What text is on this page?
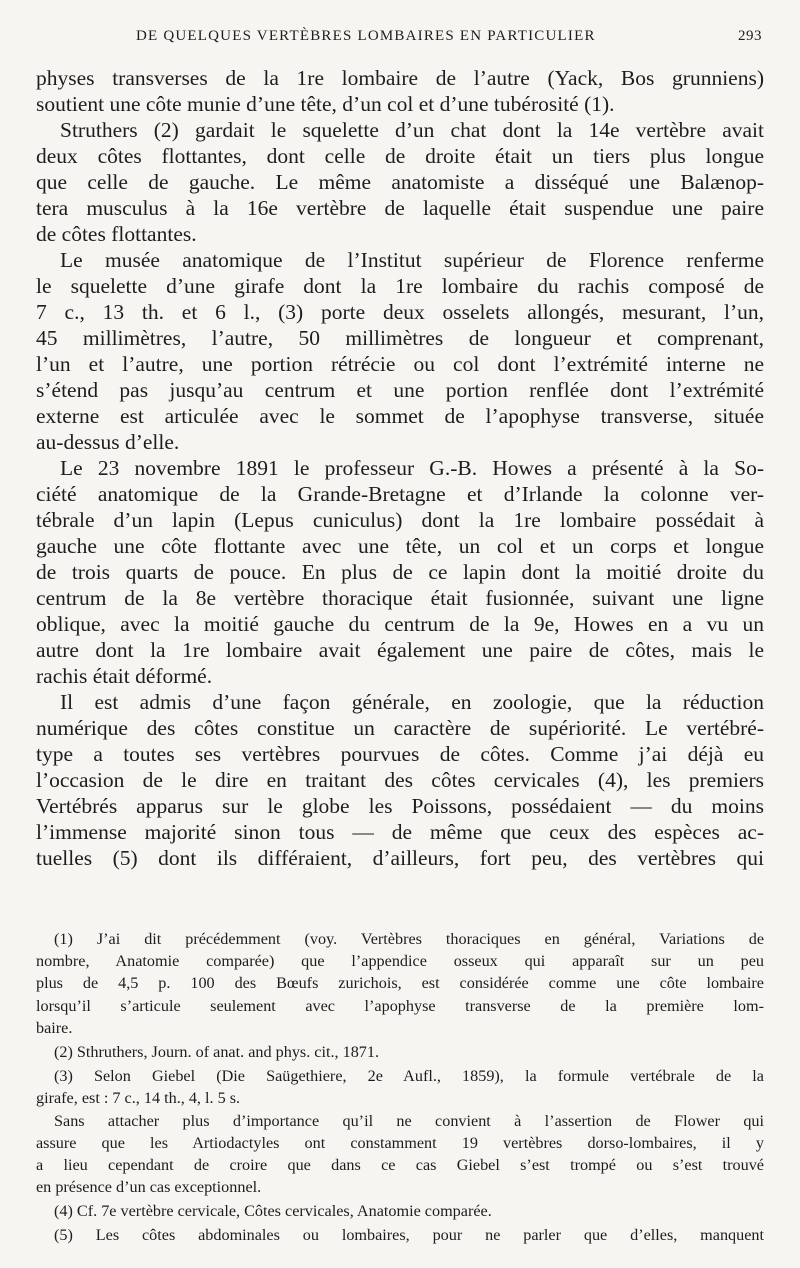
DE QUELQUES VERTÈBRES LOMBAIRES EN PARTICULIER	293
physes transverses de la 1re lombaire de l’autre (Yack, Bos grunniens)
soutient une côte munie d’une tête, d’un col et d’une tubérosité (1).
Struthers (2) gardait le squelette d’un chat dont la 14e vertèbre avait
deux côtes flottantes, dont celle de droite était un tiers plus longue
que celle de gauche. Le même anatomiste a disséqué une Balænop-
tera musculus à la 16e vertèbre de laquelle était suspendue une paire
de côtes flottantes.
Le musée anatomique de l’Institut supérieur de Florence renferme
le squelette d’une girafe dont la 1re lombaire du rachis composé de
7 c., 13 th. et 6 l., (3) porte deux osselets allongés, mesurant, l’un,
45 millimètres, l’autre, 50 millimètres de longueur et comprenant,
l’un et l’autre, une portion rétrécie ou col dont l’extrémité interne ne
s’étend pas jusqu’au centrum et une portion renflée dont l’extrémité
externe est articulée avec le sommet de l’apophyse transverse, située
au-dessus d’elle.
Le 23 novembre 1891 le professeur G.-B. Howes a présenté à la So-
ciété anatomique de la Grande-Bretagne et d’Irlande la colonne ver-
tébrale d’un lapin (Lepus cuniculus) dont la 1re lombaire possédait à
gauche une côte flottante avec une tête, un col et un corps et longue
de trois quarts de pouce. En plus de ce lapin dont la moitié droite du
centrum de la 8e vertèbre thoracique était fusionnée, suivant une ligne
oblique, avec la moitié gauche du centrum de la 9e, Howes en a vu un
autre dont la 1re lombaire avait également une paire de côtes, mais le
rachis était déformé.
Il est admis d’une façon générale, en zoologie, que la réduction
numérique des côtes constitue un caractère de supériorité. Le vertébré-
type a toutes ses vertèbres pourvues de côtes. Comme j’ai déjà eu
l’occasion de le dire en traitant des côtes cervicales (4), les premiers
Vertébrés apparus sur le globe les Poissons, possédaient — du moins
l’immense majorité sinon tous — de même que ceux des espèces ac-
tuelles (5) dont ils différaient, d’ailleurs, fort peu, des vertèbres qui
(1) J’ai dit précédemment (voy. Vertèbres thoraciques en général, Variations de
nombre, Anatomie comparée) que l’appendice osseux qui apparaît sur un peu
plus de 4,5 p. 100 des Bœufs zurichois, est considérée comme une côte lombaire
lorsqu’il s’articule seulement avec l’apophyse transverse de la première lom-
baire.
(2) Sthruthers, Journ. of anat. and phys. cit., 1871.
(3) Selon Giebel (Die Saügethiere, 2e Aufl., 1859), la formule vertébrale de la
girafe, est : 7 c., 14 th., 4, l. 5 s.
Sans attacher plus d’importance qu’il ne convient à l’assertion de Flower qui
assure que les Artiodactyles ont constamment 19 vertèbres dorso-lombaires, il y
a lieu cependant de croire que dans ce cas Giebel s’est trompé ou s’est trouvé
en présence d’un cas exceptionnel.
(4) Cf. 7e vertèbre cervicale, Côtes cervicales, Anatomie comparée.
(5) Les côtes abdominales ou lombaires, pour ne parler que d’elles, manquent
